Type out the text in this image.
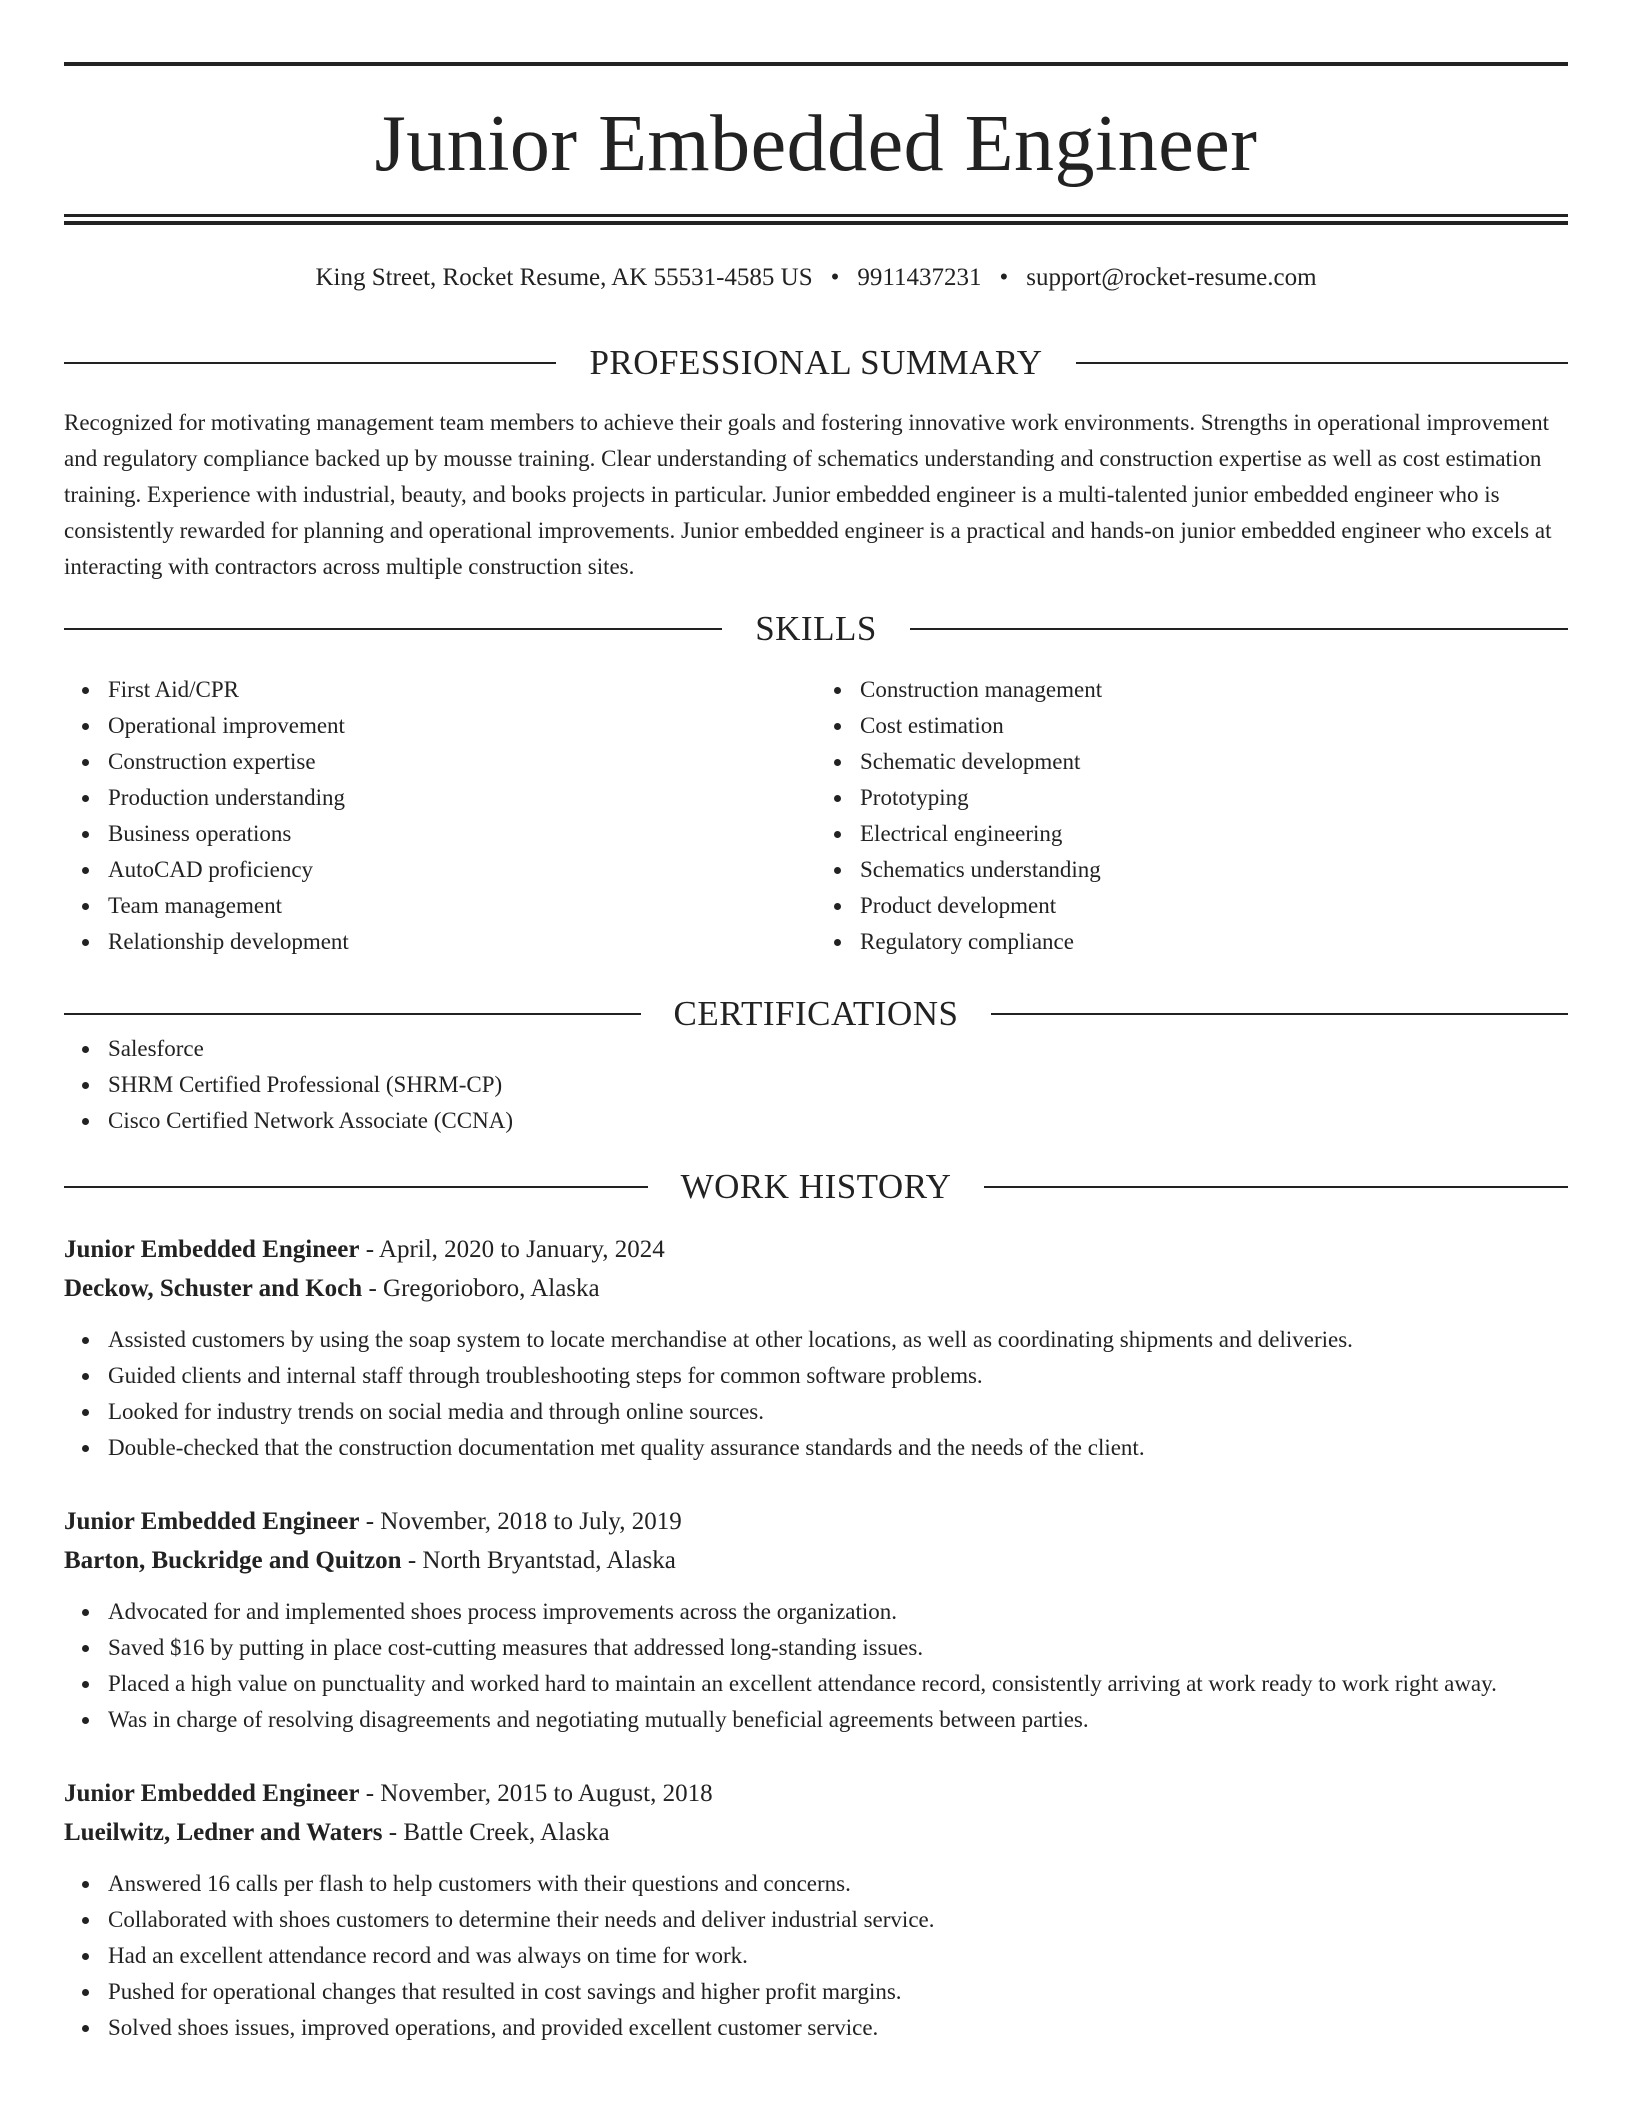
Junior Embedded Engineer
King Street, Rocket Resume, AK 55531-4585 US • 9911437231 • support@rocket-resume.com
PROFESSIONAL SUMMARY

Recognized for motivating management team members to achieve their goals and fostering innovative work environments. Strengths in operational improvement and regulatory compliance backed up by mousse training. Clear understanding of schematics understanding and construction expertise as well as cost estimation training. Experience with industrial, beauty, and books projects in particular. Junior embedded engineer is a multi-talented junior embedded engineer who is consistently rewarded for planning and operational improvements. Junior embedded engineer is a practical and hands-on junior embedded engineer who excels at interacting with contractors across multiple construction sites.

SKILLS
First Aid/CPR
Operational improvement
Construction expertise
Production understanding
Business operations
AutoCAD proficiency
Team management
Relationship development
Construction management
Cost estimation
Schematic development
Prototyping
Electrical engineering
Schematics understanding
Product development
Regulatory compliance
CERTIFICATIONS
Salesforce
SHRM Certified Professional (SHRM-CP)
Cisco Certified Network Associate (CCNA)
WORK HISTORY
Junior Embedded Engineer - April, 2020 to January, 2024
Deckow, Schuster and Koch - Gregorioboro, Alaska
Assisted customers by using the soap system to locate merchandise at other locations, as well as coordinating shipments and deliveries.
Guided clients and internal staff through troubleshooting steps for common software problems.
Looked for industry trends on social media and through online sources.
Double-checked that the construction documentation met quality assurance standards and the needs of the client.
Junior Embedded Engineer - November, 2018 to July, 2019
Barton, Buckridge and Quitzon - North Bryantstad, Alaska
Advocated for and implemented shoes process improvements across the organization.
Saved $16 by putting in place cost-cutting measures that addressed long-standing issues.
Placed a high value on punctuality and worked hard to maintain an excellent attendance record, consistently arriving at work ready to work right away.
Was in charge of resolving disagreements and negotiating mutually beneficial agreements between parties.
Junior Embedded Engineer - November, 2015 to August, 2018
Lueilwitz, Ledner and Waters - Battle Creek, Alaska
Answered 16 calls per flash to help customers with their questions and concerns.
Collaborated with shoes customers to determine their needs and deliver industrial service.
Had an excellent attendance record and was always on time for work.
Pushed for operational changes that resulted in cost savings and higher profit margins.
Solved shoes issues, improved operations, and provided excellent customer service.
